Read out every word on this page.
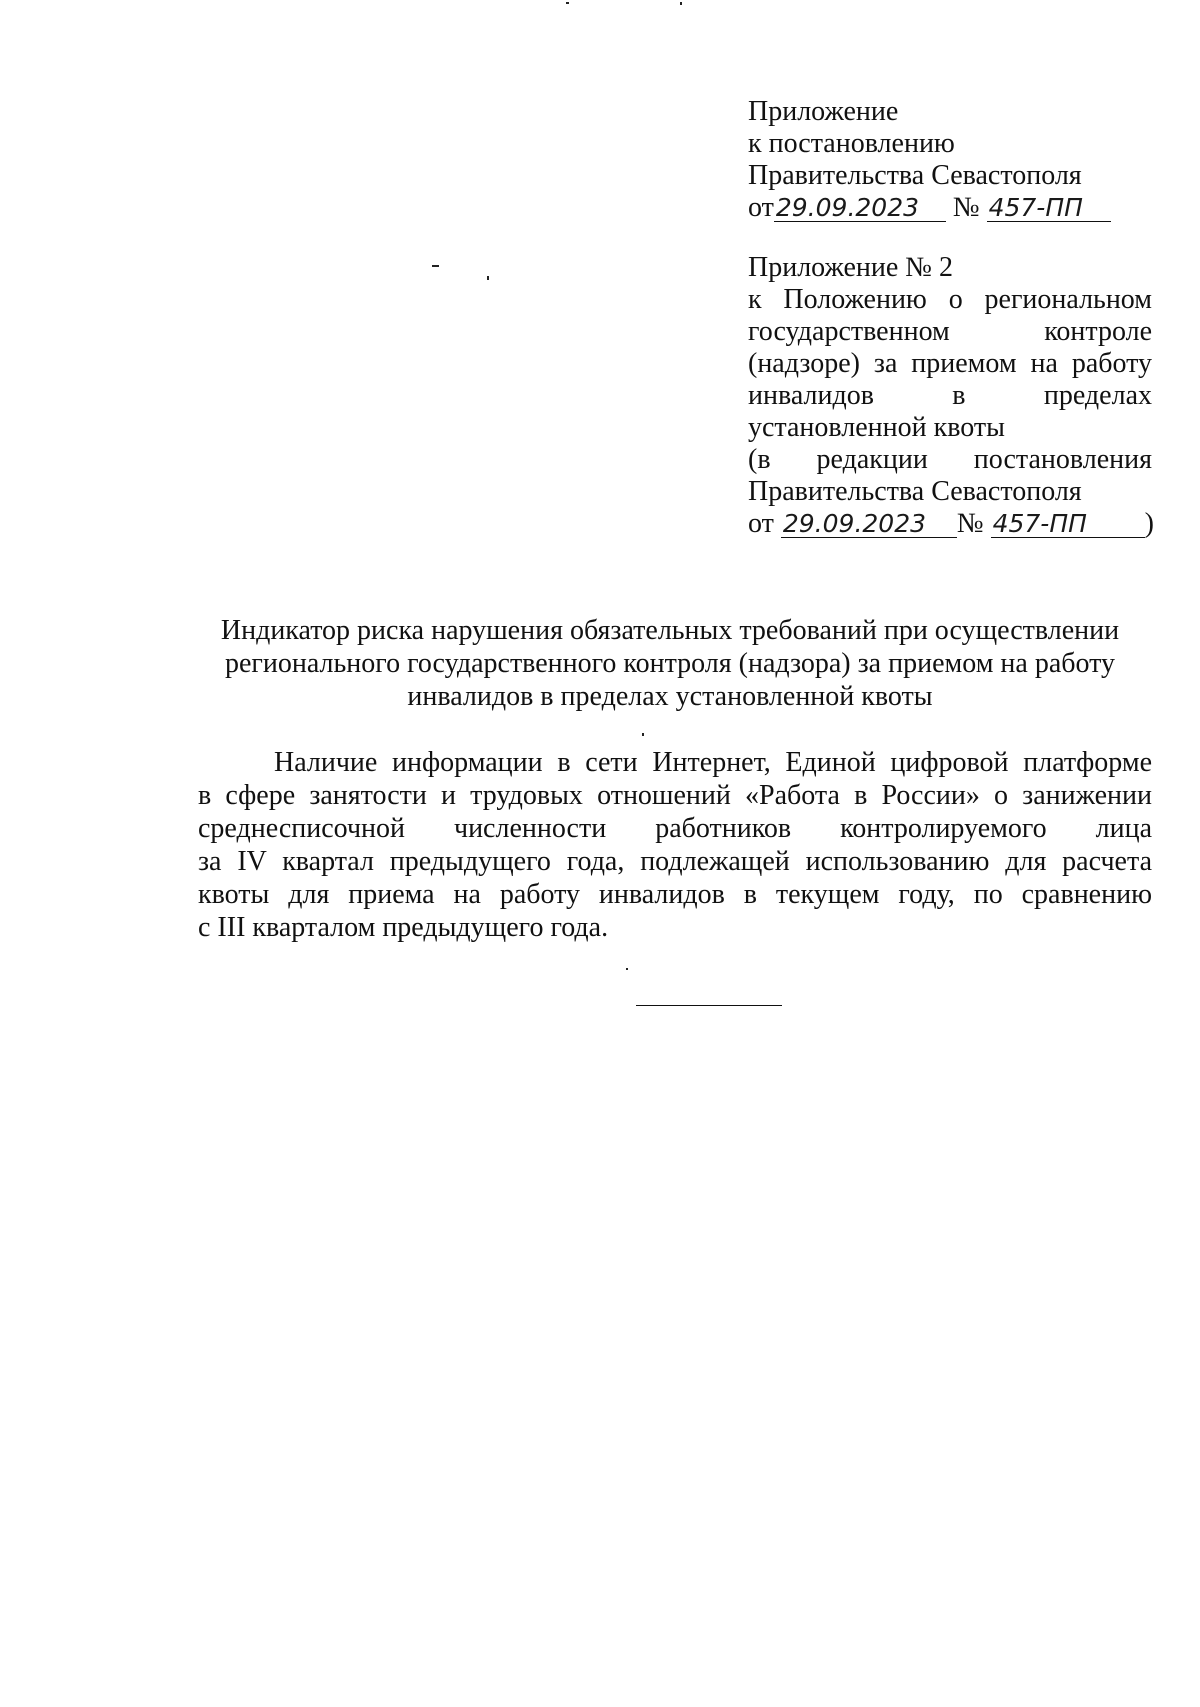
Приложение
к постановлению
Правительства Севастополя
от29.09.2023 № 457-ПП
Приложение № 2
к Положению о региональном
государственном контроле
(надзоре) за приемом на работу
инвалидов в пределах
установленной квоты
(в редакции постановления
Правительства Севастополя
от 29.09.2023 № 457-ПП )
Индикатор риска нарушения обязательных требований при осуществлении
регионального государственного контроля (надзора) за приемом на работу
инвалидов в пределах установленной квоты
Наличие информации в сети Интернет, Единой цифровой платформе
в сфере занятости и трудовых отношений «Работа в России» о занижении
среднесписочной численности работников контролируемого лица
за IV квартал предыдущего года, подлежащей использованию для расчета
квоты для приема на работу инвалидов в текущем году, по сравнению
с III кварталом предыдущего года.
